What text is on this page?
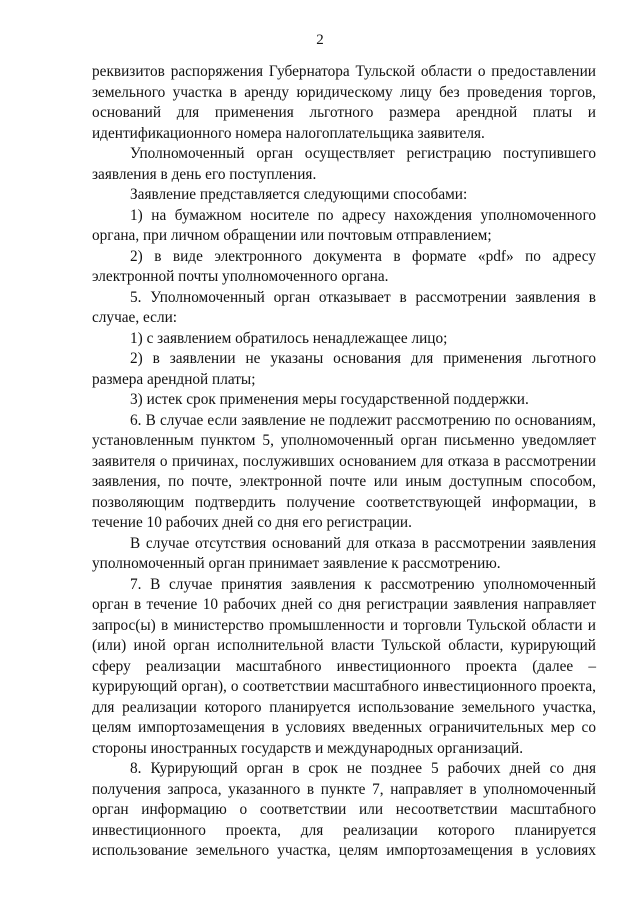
2

реквизитов распоряжения Губернатора Тульской области о предоставлении земельного участка в аренду юридическому лицу без проведения торгов, оснований для применения льготного размера арендной платы и идентификационного номера налогоплательщика заявителя.

Уполномоченный орган осуществляет регистрацию поступившего заявления в день его поступления.

Заявление представляется следующими способами:

1) на бумажном носителе по адресу нахождения уполномоченного органа, при личном обращении или почтовым отправлением;

2) в виде электронного документа в формате «pdf» по адресу электронной почты уполномоченного органа.

5. Уполномоченный орган отказывает в рассмотрении заявления в случае, если:

1) с заявлением обратилось ненадлежащее лицо;

2) в заявлении не указаны основания для применения льготного размера арендной платы;

3) истек срок применения меры государственной поддержки.

6. В случае если заявление не подлежит рассмотрению по основаниям, установленным пунктом 5, уполномоченный орган письменно уведомляет заявителя о причинах, послуживших основанием для отказа в рассмотрении заявления, по почте, электронной почте или иным доступным способом, позволяющим подтвердить получение соответствующей информации, в течение 10 рабочих дней со дня его регистрации.

В случае отсутствия оснований для отказа в рассмотрении заявления уполномоченный орган принимает заявление к рассмотрению.

7. В случае принятия заявления к рассмотрению уполномоченный орган в течение 10 рабочих дней со дня регистрации заявления направляет запрос(ы) в министерство промышленности и торговли Тульской области и (или) иной орган исполнительной власти Тульской области, курирующий сферу реализации масштабного инвестиционного проекта (далее – курирующий орган), о соответствии масштабного инвестиционного проекта, для реализации которого планируется использование земельного участка, целям импортозамещения в условиях введенных ограничительных мер со стороны иностранных государств и международных организаций.

8. Курирующий орган в срок не позднее 5 рабочих дней со дня получения запроса, указанного в пункте 7, направляет в уполномоченный орган информацию о соответствии или несоответствии масштабного инвестиционного проекта, для реализации которого планируется использование земельного участка, целям импортозамещения в условиях
